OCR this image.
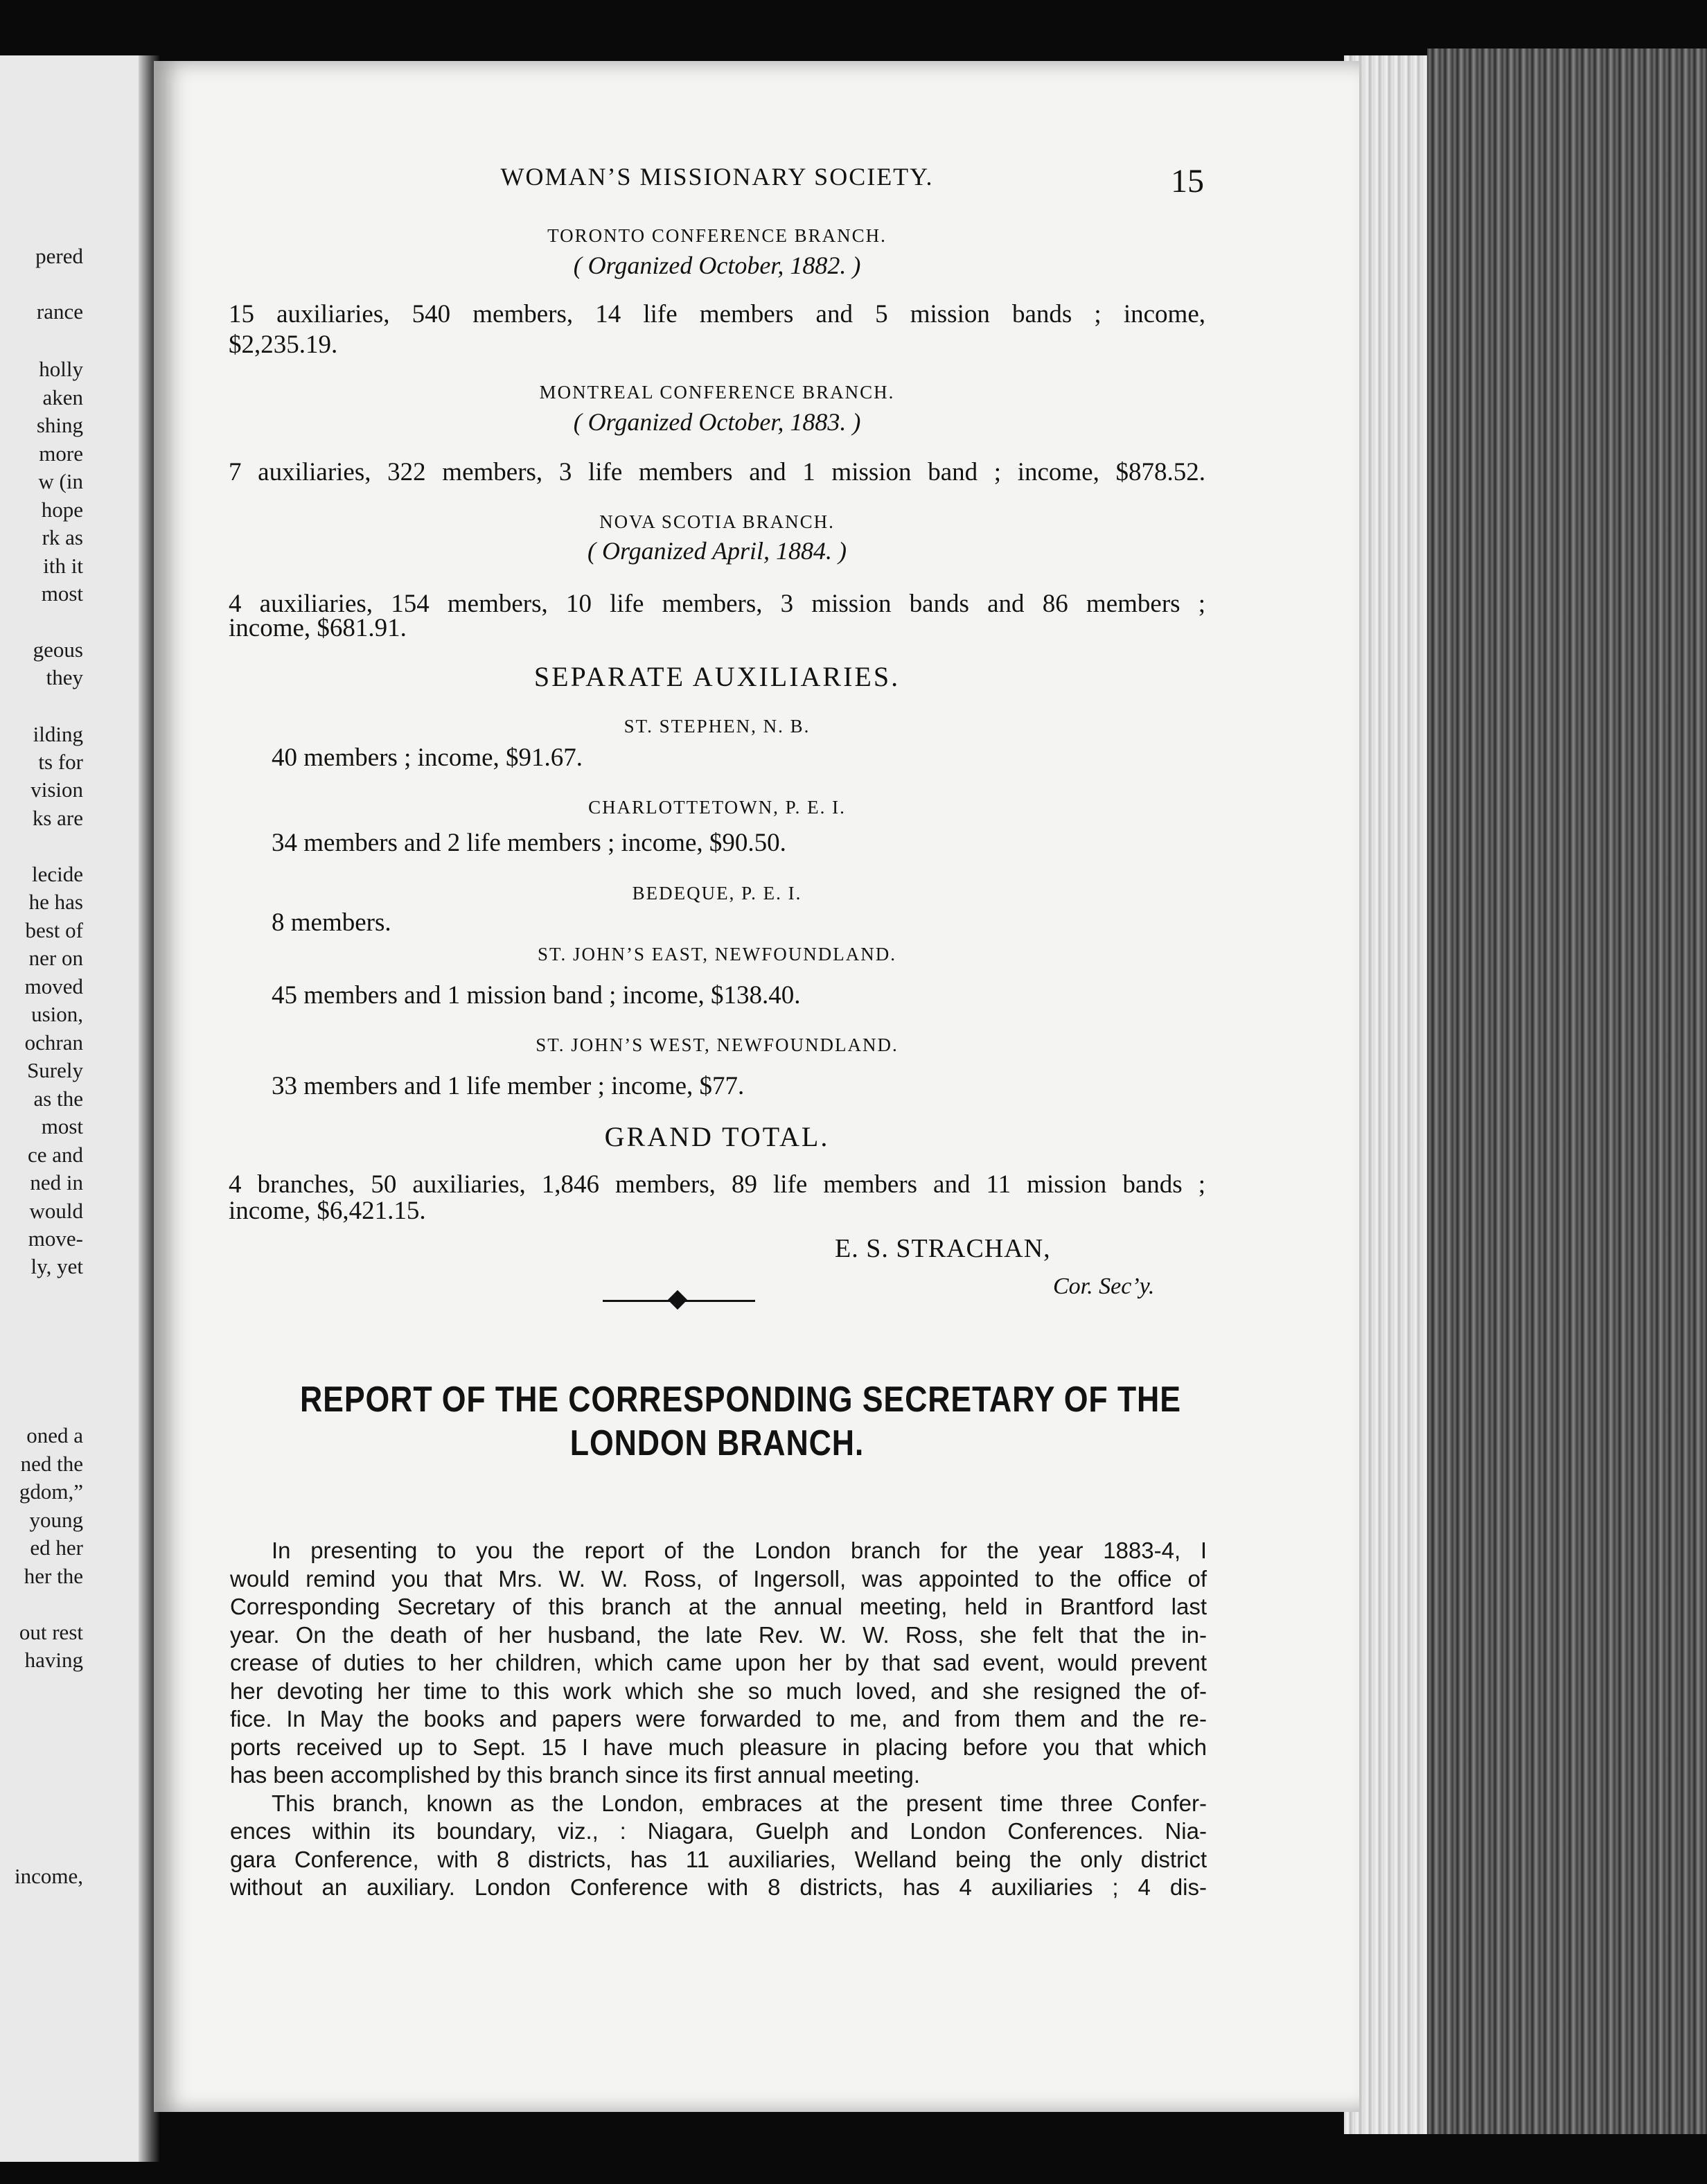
pered
rance
holly
aken
shing
more
w (in
hope
rk as
ith it
most
geous
they
ilding
ts for
vision
ks are
lecide
he has
best of
ner on
moved
usion,
ochran
Surely
as the
most
ce and
ned in
would
move-
ly, yet
oned a
ned the
gdom,”
young
ed her
her the
out rest
having
income,
WOMAN’S MISSIONARY SOCIETY.	15
TORONTO CONFERENCE BRANCH.
( Organized October, 1882. )
15 auxiliaries, 540 members, 14 life members and 5 mission bands ; income,
$2,235.19.
MONTREAL CONFERENCE BRANCH.
( Organized October, 1883. )
7 auxiliaries, 322 members, 3 life members and 1 mission band ; income, $878.52.
NOVA SCOTIA BRANCH.
( Organized April, 1884. )
4 auxiliaries, 154 members, 10 life members, 3 mission bands and 86 members ;
income, $681.91.
SEPARATE AUXILIARIES.
ST. STEPHEN, N. B.
40 members ; income, $91.67.
CHARLOTTETOWN, P. E. I.
34 members and 2 life members ; income, $90.50.
BEDEQUE, P. E. I.
8 members.
ST. JOHN’S EAST, NEWFOUNDLAND.
45 members and 1 mission band ; income, $138.40.
ST. JOHN’S WEST, NEWFOUNDLAND.
33 members and 1 life member ; income, $77.
GRAND TOTAL.
4 branches, 50 auxiliaries, 1,846 members, 89 life members and 11 mission bands ;
income, $6,421.15.
E. S. STRACHAN,
Cor. Sec’y.
REPORT OF THE CORRESPONDING SECRETARY OF THE
LONDON BRANCH.
In presenting to you the report of the London branch for the year 1883-4, I
would remind you that Mrs. W. W. Ross, of Ingersoll, was appointed to the office of
Corresponding Secretary of this branch at the annual meeting, held in Brantford last
year. On the death of her husband, the late Rev. W. W. Ross, she felt that the in-
crease of duties to her children, which came upon her by that sad event, would prevent
her devoting her time to this work which she so much loved, and she resigned the of-
fice. In May the books and papers were forwarded to me, and from them and the re-
ports received up to Sept. 15 I have much pleasure in placing before you that which
has been accomplished by this branch since its first annual meeting.
This branch, known as the London, embraces at the present time three Confer-
ences within its boundary, viz., : Niagara, Guelph and London Conferences. Nia-
gara Conference, with 8 districts, has 11 auxiliaries, Welland being the only district
without an auxiliary. London Conference with 8 districts, has 4 auxiliaries ; 4 dis-
